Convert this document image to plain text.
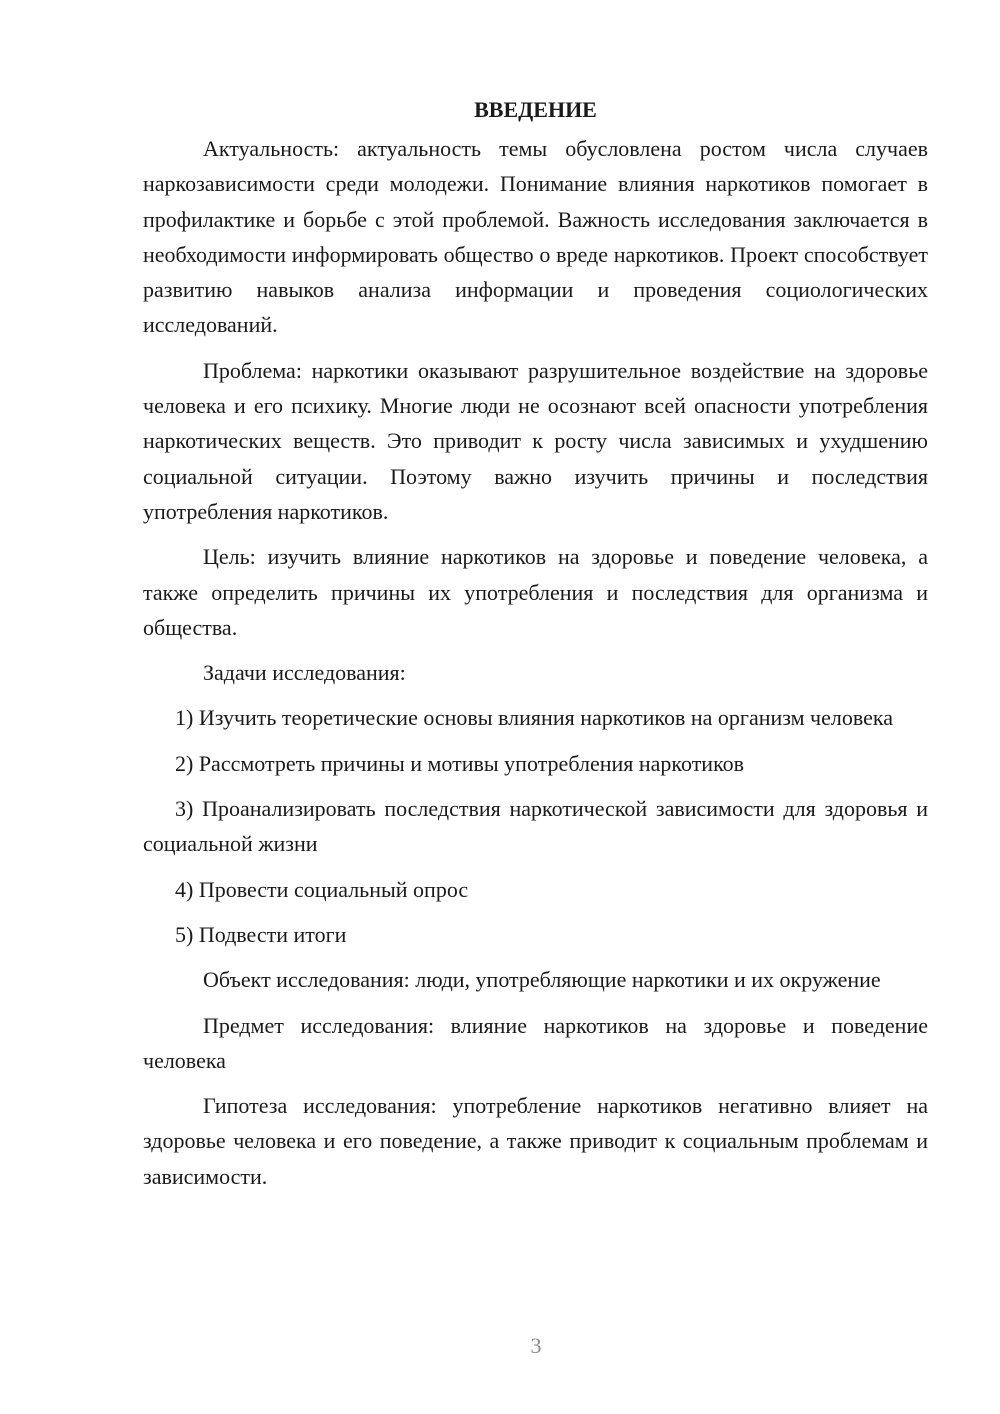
ВВЕДЕНИЕ

Актуальность: актуальность темы обусловлена ростом числа случаев наркозависимости среди молодежи. Понимание влияния наркотиков помогает в профилактике и борьбе с этой проблемой. Важность исследования заключается в необходимости информировать общество о вреде наркотиков. Проект способствует развитию навыков анализа информации и проведения социологических исследований.

Проблема: наркотики оказывают разрушительное воздействие на здоровье человека и его психику. Многие люди не осознают всей опасности употребления наркотических веществ. Это приводит к росту числа зависимых и ухудшению социальной ситуации. Поэтому важно изучить причины и последствия употребления наркотиков.

Цель: изучить влияние наркотиков на здоровье и поведение человека, а также определить причины их употребления и последствия для организма и общества.

Задачи исследования:

1) Изучить теоретические основы влияния наркотиков на организм человека

2) Рассмотреть причины и мотивы употребления наркотиков

3) Проанализировать последствия наркотической зависимости для здоровья и социальной жизни

4) Провести социальный опрос

5) Подвести итоги

Объект исследования: люди, употребляющие наркотики и их окружение

Предмет исследования: влияние наркотиков на здоровье и поведение человека

Гипотеза исследования: употребление наркотиков негативно влияет на здоровье человека и его поведение, а также приводит к социальным проблемам и зависимости.

3
